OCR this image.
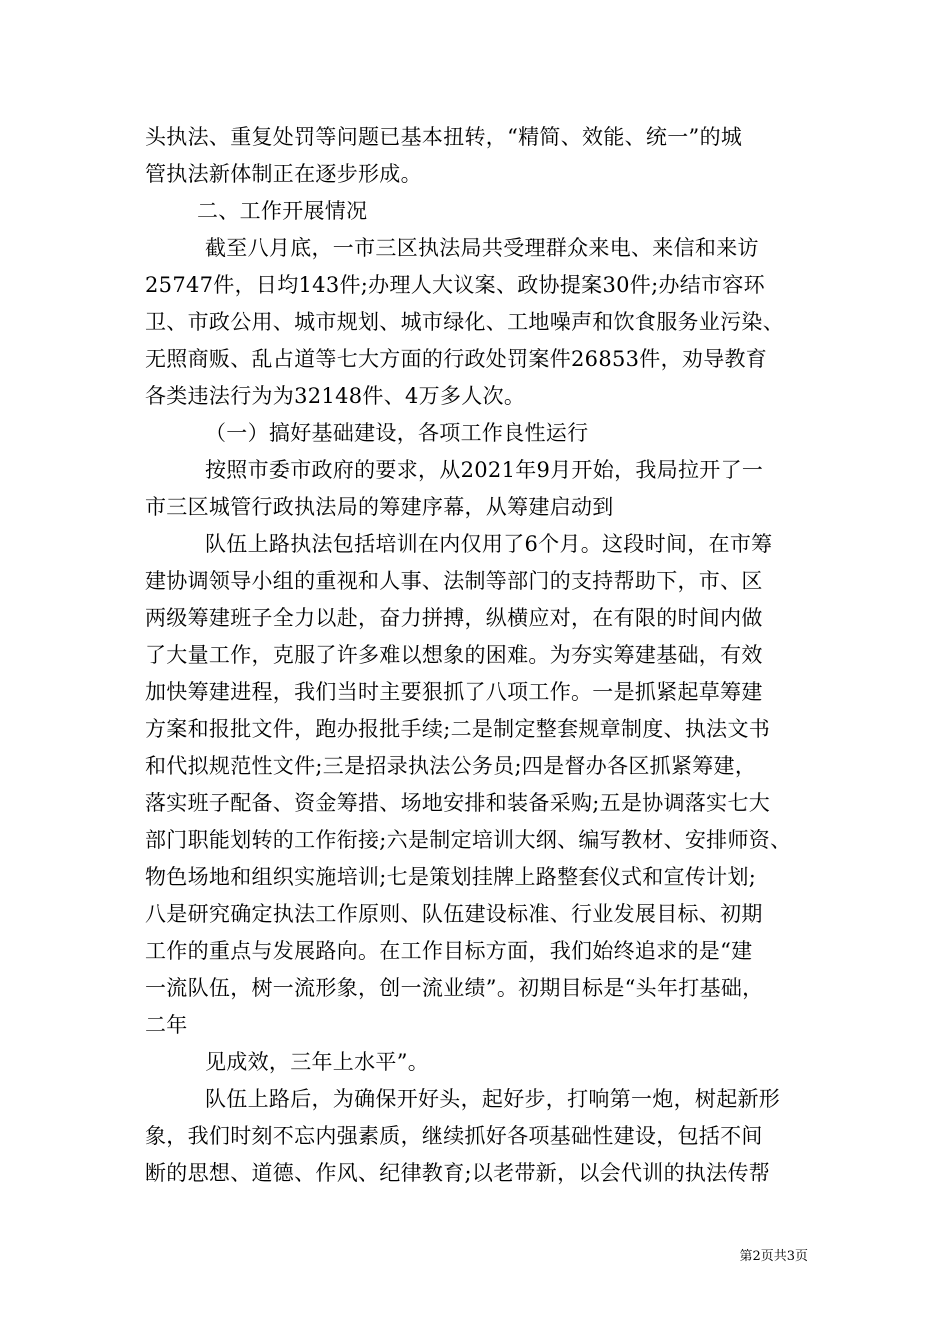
头执法、重复处罚等问题已基本扭转，“精简、效能、统一”的城
管执法新体制正在逐步形成。
二、工作开展情况
截至八月底，一市三区执法局共受理群众来电、来信和来访
25747件，日均143件;办理人大议案、政协提案30件;办结市容环
卫、市政公用、城市规划、城市绿化、工地噪声和饮食服务业污染、
无照商贩、乱占道等七大方面的行政处罚案件26853件，劝导教育
各类违法行为为32148件、4万多人次。
（一）搞好基础建设，各项工作良性运行
按照市委市政府的要求，从2021年9月开始，我局拉开了一
市三区城管行政执法局的筹建序幕，从筹建启动到
队伍上路执法包括培训在内仅用了6个月。这段时间，在市筹
建协调领导小组的重视和人事、法制等部门的支持帮助下，市、区
两级筹建班子全力以赴，奋力拼搏，纵横应对，在有限的时间内做
了大量工作，克服了许多难以想象的困难。为夯实筹建基础，有效
加快筹建进程，我们当时主要狠抓了八项工作。一是抓紧起草筹建
方案和报批文件，跑办报批手续;二是制定整套规章制度、执法文书
和代拟规范性文件;三是招录执法公务员;四是督办各区抓紧筹建，
落实班子配备、资金筹措、场地安排和装备采购;五是协调落实七大
部门职能划转的工作衔接;六是制定培训大纲、编写教材、安排师资、
物色场地和组织实施培训;七是策划挂牌上路整套仪式和宣传计划;
八是研究确定执法工作原则、队伍建设标准、行业发展目标、初期
工作的重点与发展路向。在工作目标方面，我们始终追求的是“建
一流队伍，树一流形象，创一流业绩”。初期目标是“头年打基础，
二年
见成效，三年上水平”。
队伍上路后，为确保开好头，起好步，打响第一炮，树起新形
象，我们时刻不忘内强素质，继续抓好各项基础性建设，包括不间
断的思想、道德、作风、纪律教育;以老带新，以会代训的执法传帮
第2页共3页
